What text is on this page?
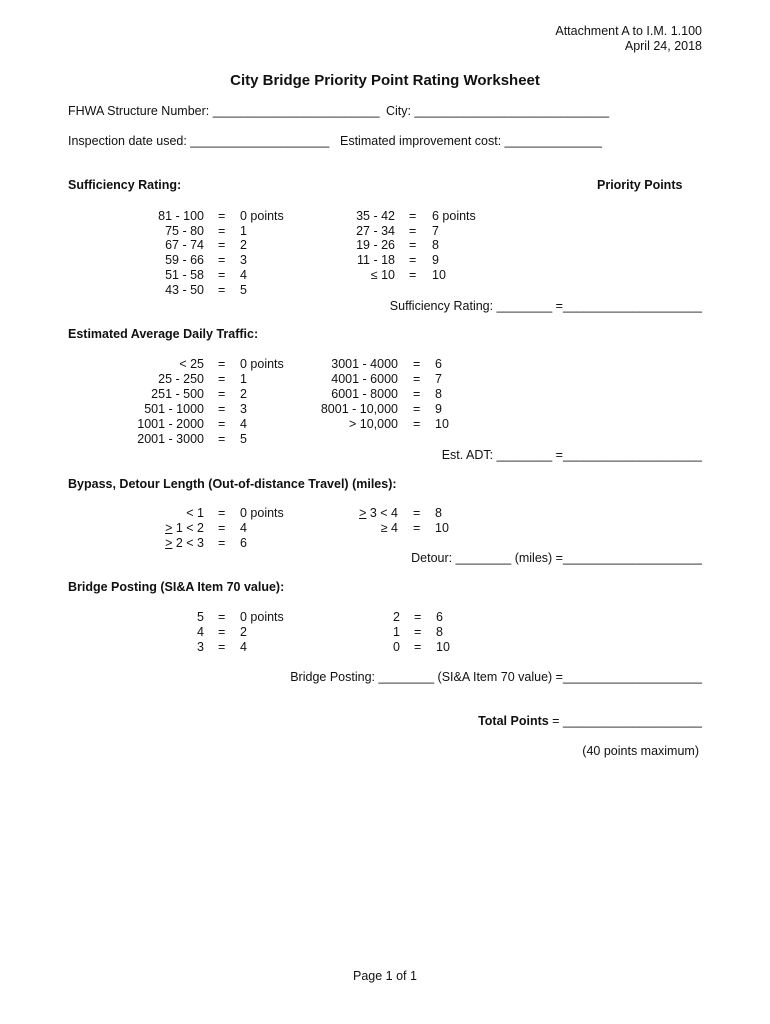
Attachment A to I.M. 1.100
April 24, 2018
City Bridge Priority Point Rating Worksheet
FHWA Structure Number: ________________________ City: ____________________________
Inspection date used: ____________________ Estimated improvement cost: ______________
Sufficiency Rating:	Priority Points
81 - 100 = 0 points
75 - 80 = 1
67 - 74 = 2
59 - 66 = 3
51 - 58 = 4
43 - 50 = 5
35 - 42 = 6 points
27 - 34 = 7
19 - 26 = 8
11 - 18 = 9
≤ 10 = 10
Sufficiency Rating: ________ =____________________
Estimated Average Daily Traffic:
< 25 = 0 points
25 - 250 = 1
251 - 500 = 2
501 - 1000 = 3
1001 - 2000 = 4
2001 - 3000 = 5
3001 - 4000 = 6
4001 - 6000 = 7
6001 - 8000 = 8
8001 - 10,000 = 9
> 10,000 = 10
Est. ADT: ________ =____________________
Bypass, Detour Length (Out-of-distance Travel) (miles):
< 1 = 0 points
> 1 < 2 = 4
> 2 < 3 = 6
> 3 < 4 = 8
≥ 4 = 10
Detour: ________ (miles) =____________________
Bridge Posting (SI&A Item 70 value):
5 = 0 points
4 = 2
3 = 4
2 = 6
1 = 8
0 = 10
Bridge Posting: ________ (SI&A Item 70 value) =____________________
Total Points = ____________________
(40 points maximum)
Page 1 of 1
